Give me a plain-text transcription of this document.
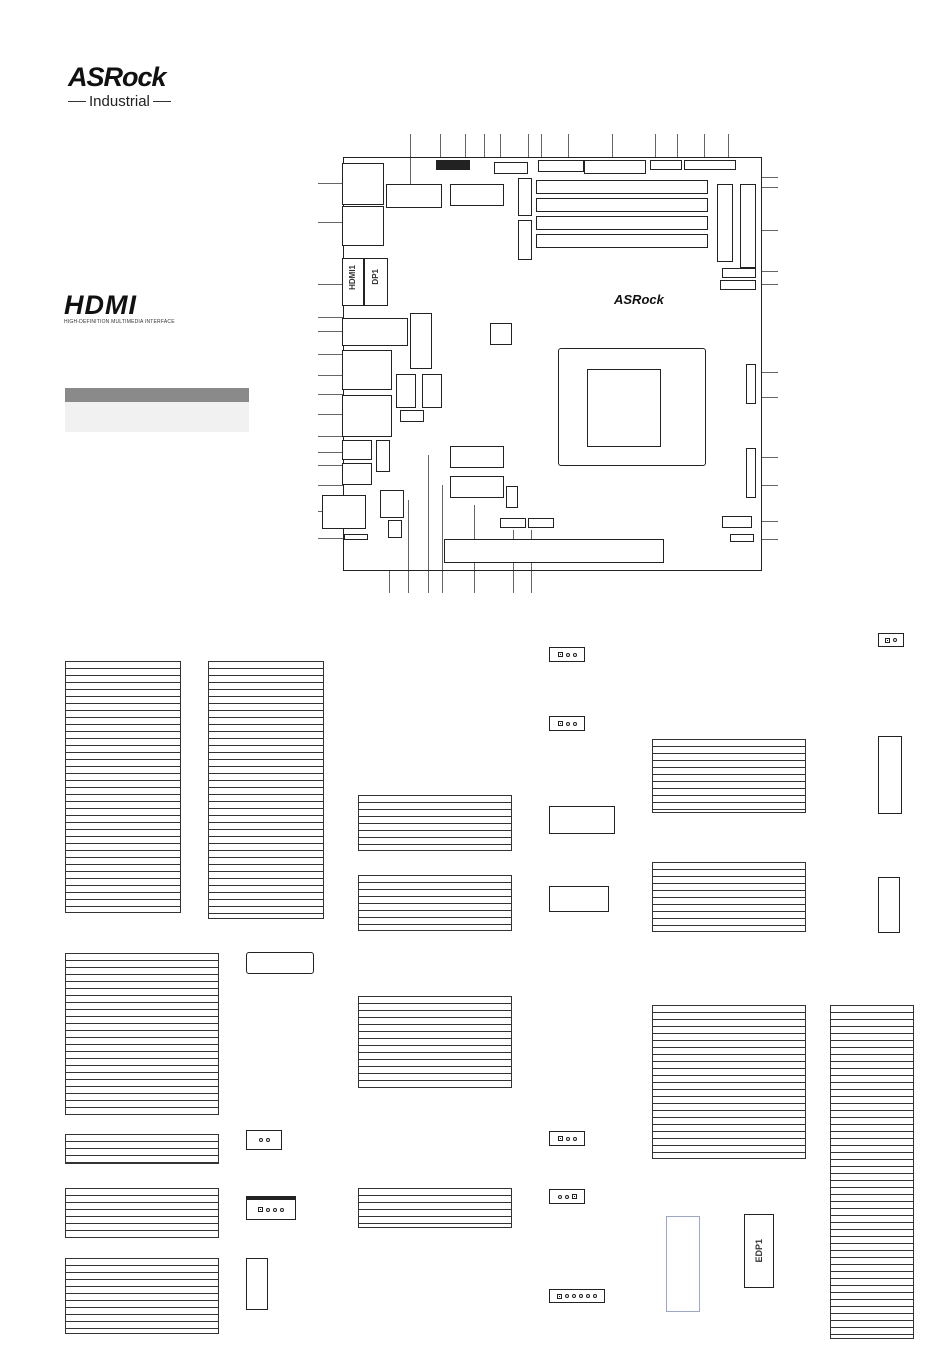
ASRock
Industrial
HDMI
HIGH-DEFINITION MULTIMEDIA INTERFACE
HDMI1 DP1
ASRock

EDP1
